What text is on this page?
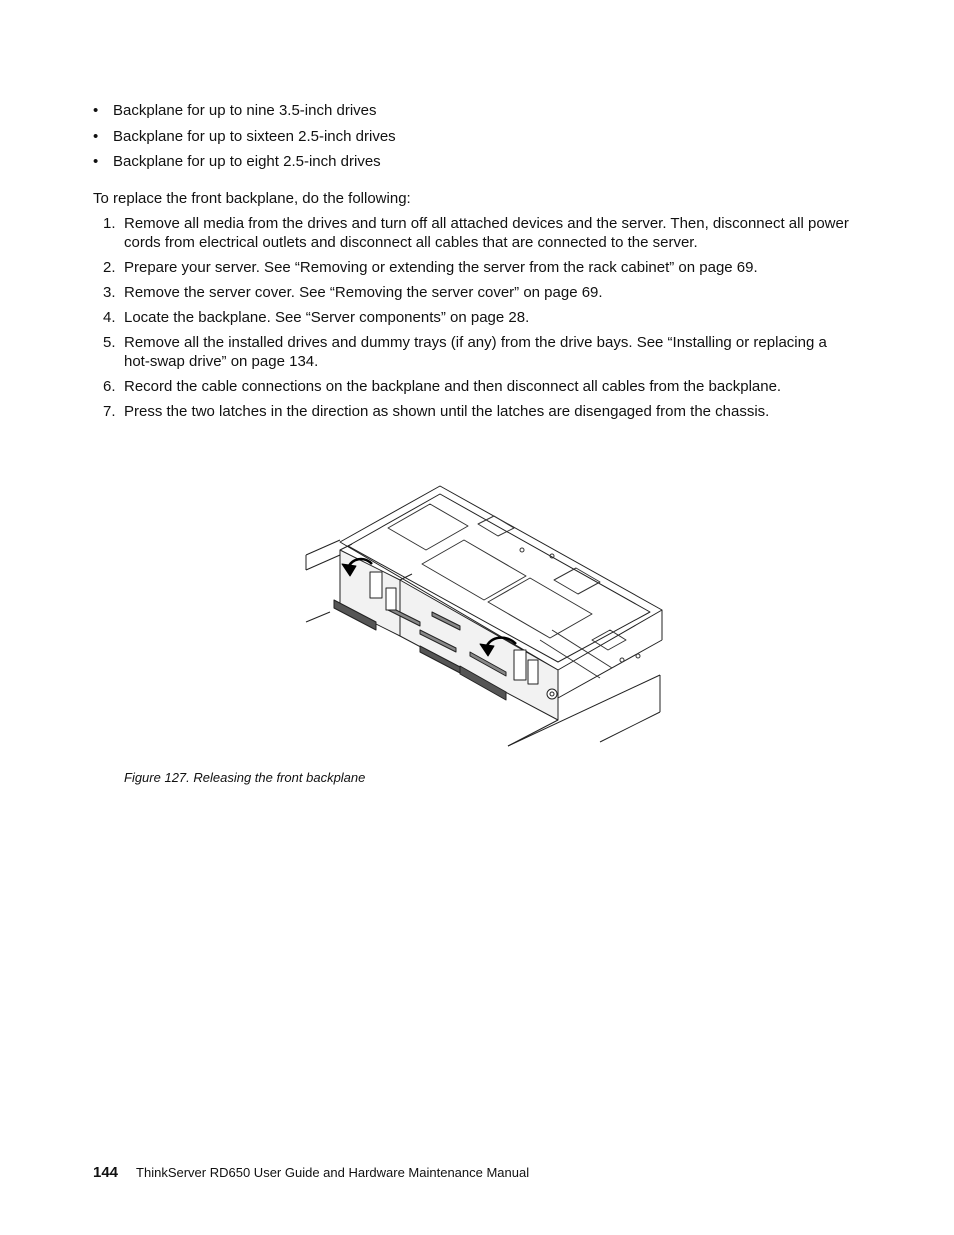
• Backplane for up to nine 3.5-inch drives
• Backplane for up to sixteen 2.5-inch drives
• Backplane for up to eight 2.5-inch drives

To replace the front backplane, do the following:

1. Remove all media from the drives and turn off all attached devices and the server. Then, disconnect all power cords from electrical outlets and disconnect all cables that are connected to the server.
2. Prepare your server. See “Removing or extending the server from the rack cabinet” on page 69.
3. Remove the server cover. See “Removing the server cover” on page 69.
4. Locate the backplane. See “Server components” on page 28.
5. Remove all the installed drives and dummy trays (if any) from the drive bays. See “Installing or replacing a hot-swap drive” on page 134.
6. Record the cable connections on the backplane and then disconnect all cables from the backplane.
7. Press the two latches in the direction as shown until the latches are disengaged from the chassis.
Figure 127. Releasing the front backplane
144 ThinkServer RD650 User Guide and Hardware Maintenance Manual
